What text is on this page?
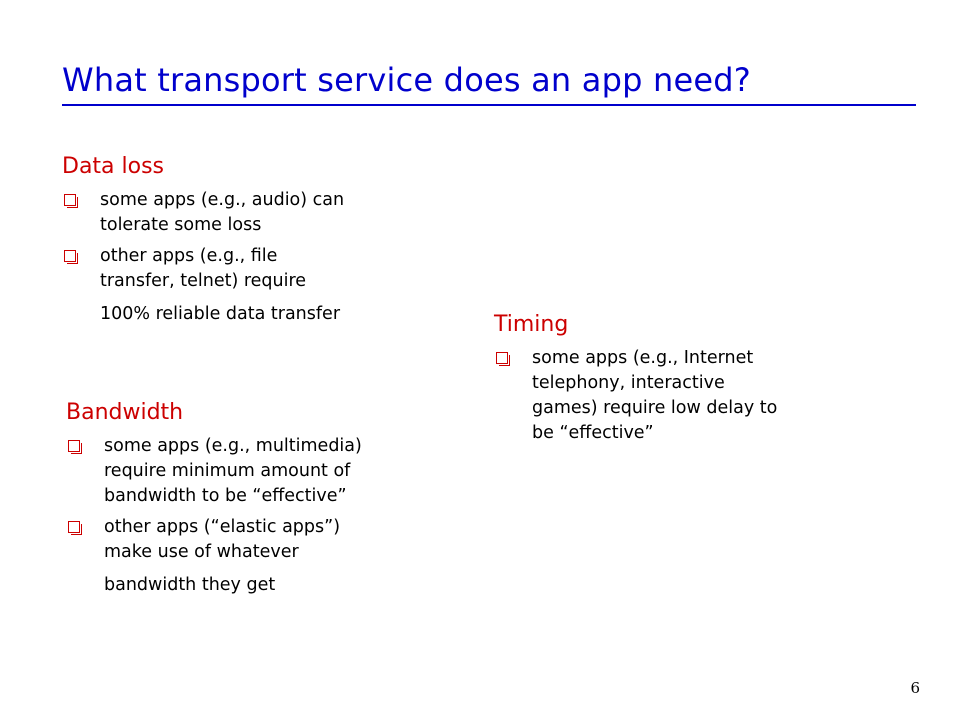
What transport service does an app need?
Data loss
some apps (e.g., audio) can
tolerate some loss
other apps (e.g., file
transfer, telnet) require
100% reliable data transfer
Bandwidth
some apps (e.g., multimedia)
require minimum amount of
bandwidth to be “effective”
other apps (“elastic apps”)
make use of whatever
bandwidth they get
Timing
some apps (e.g., Internet
telephony, interactive
games) require low delay to
be “effective”
6
